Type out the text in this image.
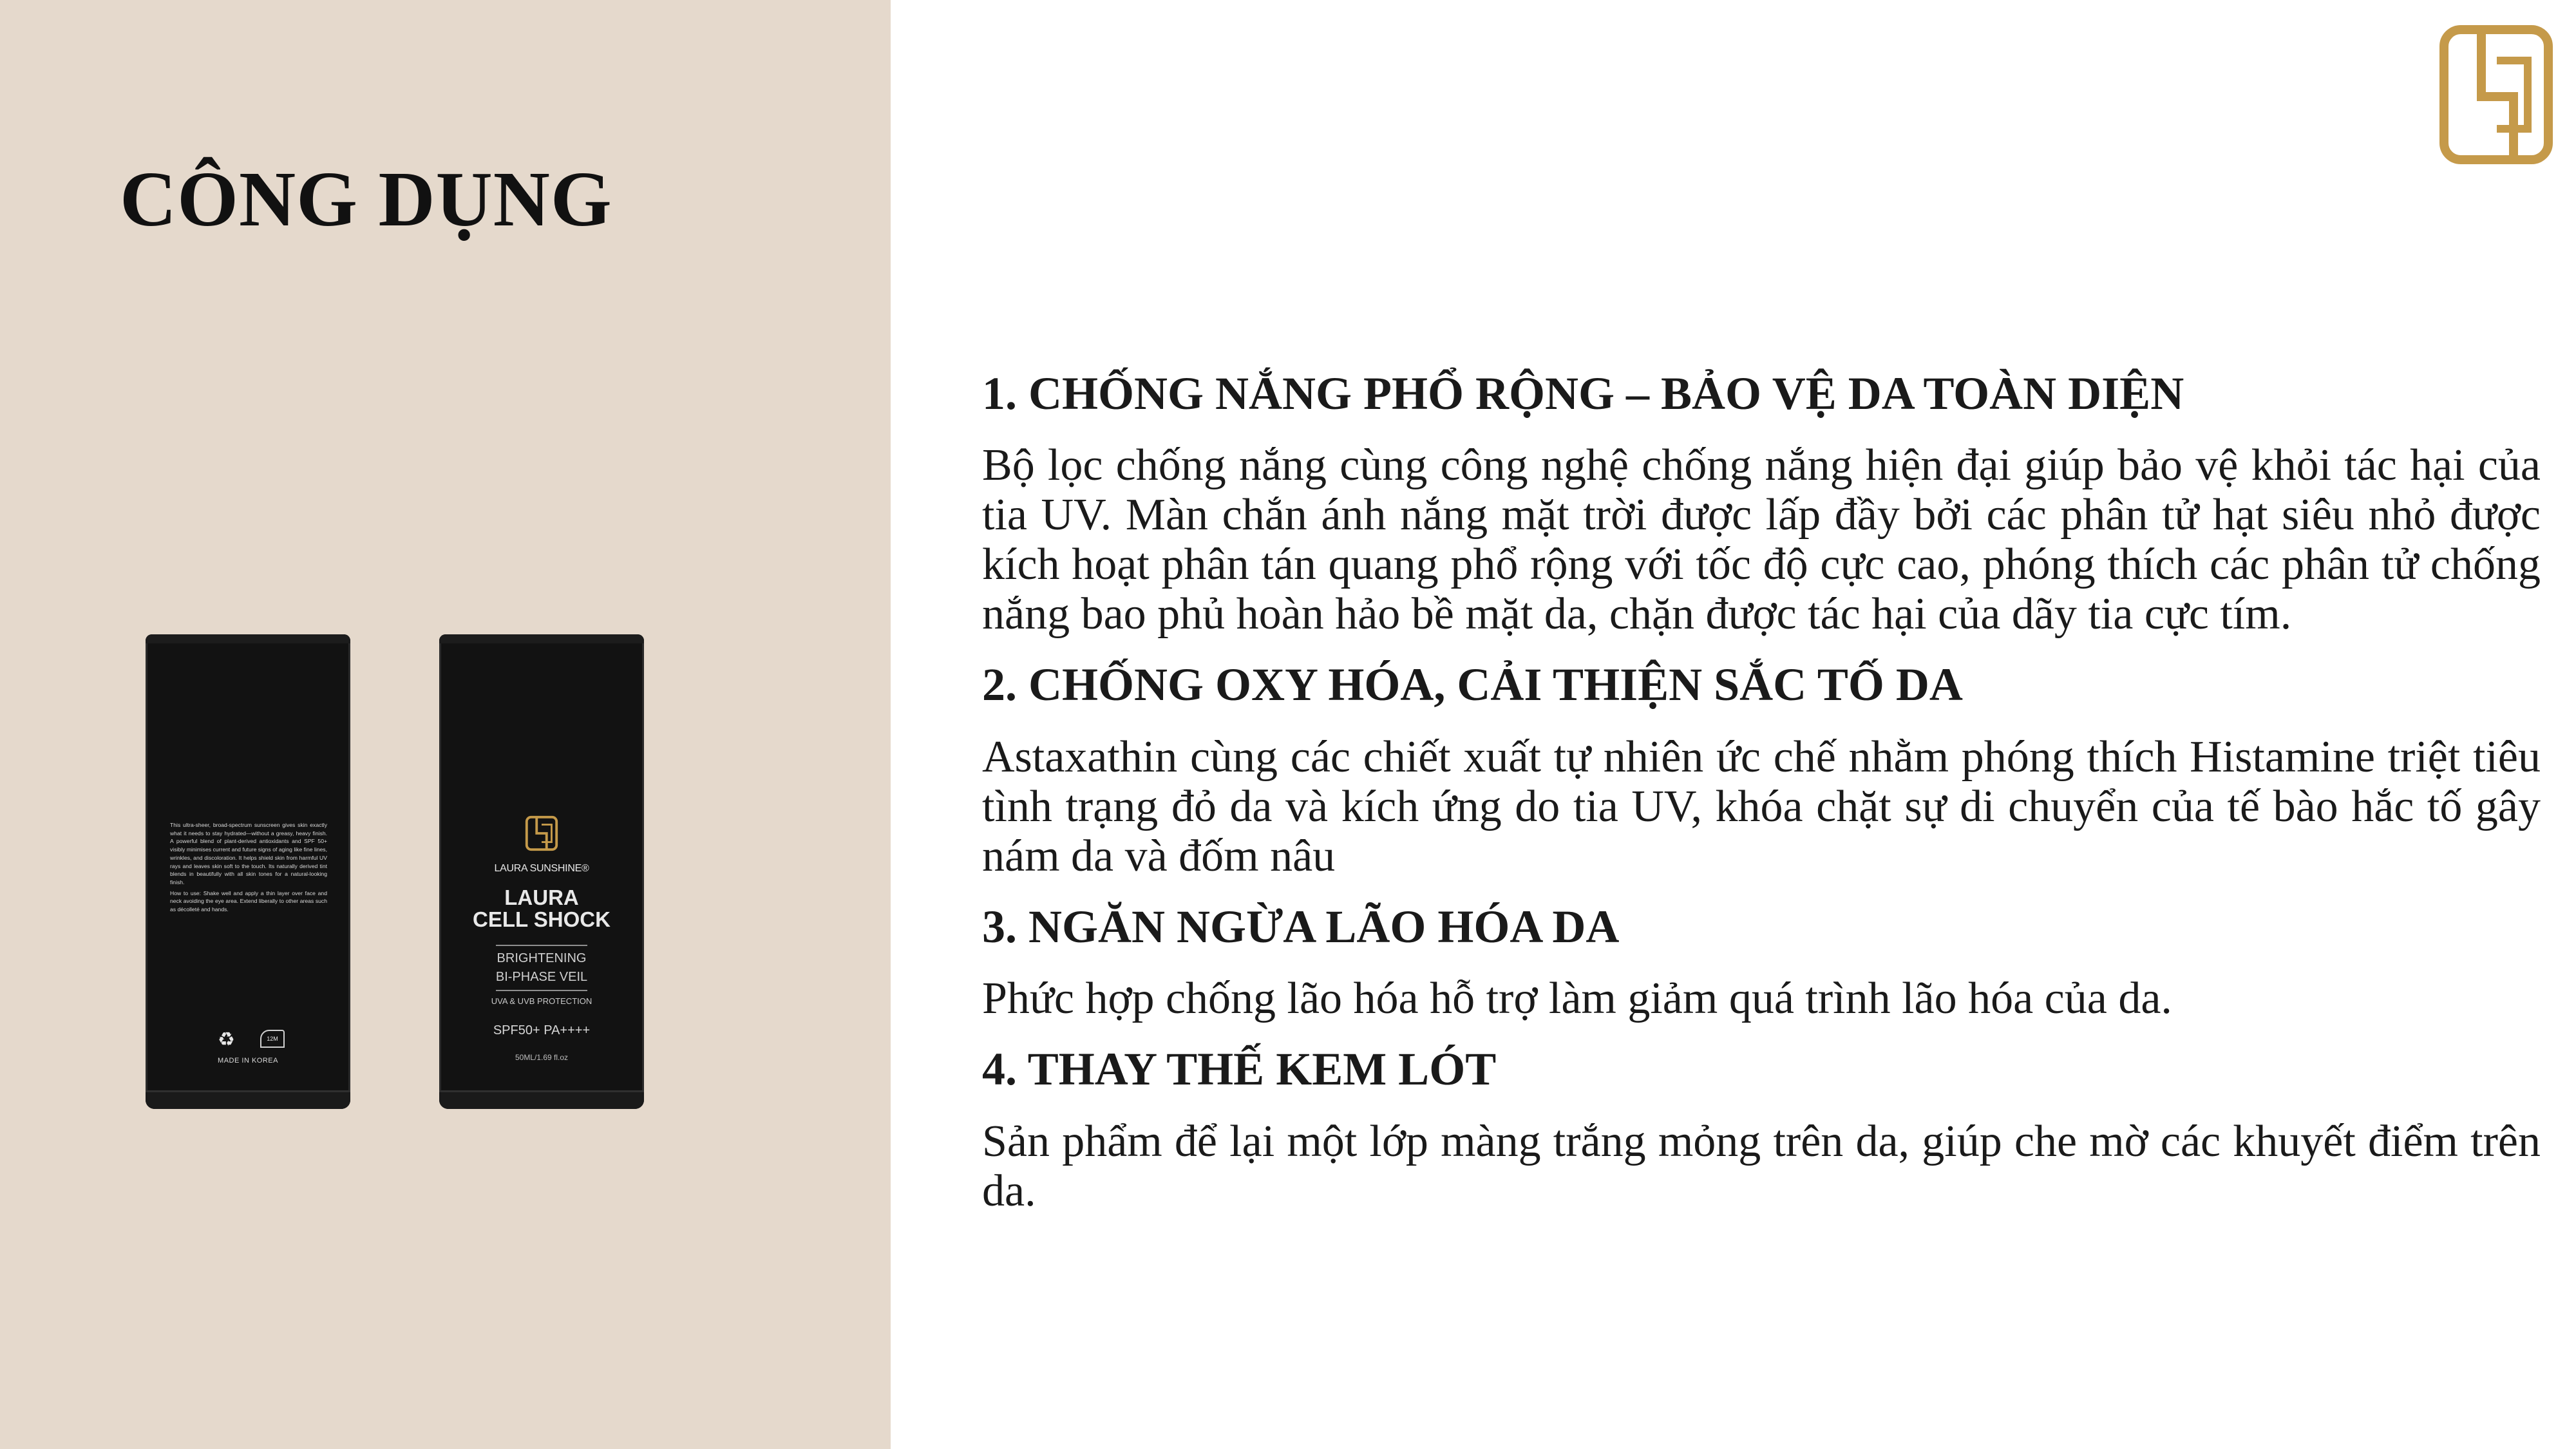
CÔNG DỤNG
This ultra-sheer, broad-spectrum sunscreen gives skin exactly what it needs to stay hydrated—without a greasy, heavy finish. A powerful blend of plant-derived antioxidants and SPF 50+ visibly minimises current and future signs of aging like fine lines, wrinkles, and discoloration. It helps shield skin from harmful UV rays and leaves skin soft to the touch. Its naturally derived tint blends in beautifully with all skin tones for a natural-looking finish.
How to use: Shake well and apply a thin layer over face and neck avoiding the eye area. Extend liberally to other areas such as décolleté and hands.
♻	12M
MADE IN KOREA
LAURA SUNSHINE®
LAURA
CELL SHOCK
BRIGHTENING
BI-PHASE VEIL
UVA & UVB PROTECTION
SPF50+ PA++++
50ML/1.69 fl.oz
1. CHỐNG NẮNG PHỔ RỘNG – BẢO VỆ DA TOÀN DIỆN

Bộ lọc chống nắng cùng công nghệ chống nắng hiện đại giúp bảo vệ khỏi tác hại của tia UV. Màn chắn ánh nắng mặt trời được lấp đầy bởi các phân tử hạt siêu nhỏ được kích hoạt phân tán quang phổ rộng với tốc độ cực cao, phóng thích các phân tử chống nắng bao phủ hoàn hảo bề mặt da, chặn được tác hại của dãy tia cực tím.

2. CHỐNG OXY HÓA, CẢI THIỆN SẮC TỐ DA

Astaxathin cùng các chiết xuất tự nhiên ức chế nhằm phóng thích Histamine triệt tiêu tình trạng đỏ da và kích ứng do tia UV, khóa chặt sự di chuyển của tế bào hắc tố gây nám da và đốm nâu

3. NGĂN NGỪA LÃO HÓA DA

Phức hợp chống lão hóa hỗ trợ làm giảm quá trình lão hóa của da.

4. THAY THẾ KEM LÓT

Sản phẩm để lại một lớp màng trắng mỏng trên da, giúp che mờ các khuyết điểm trên da.
